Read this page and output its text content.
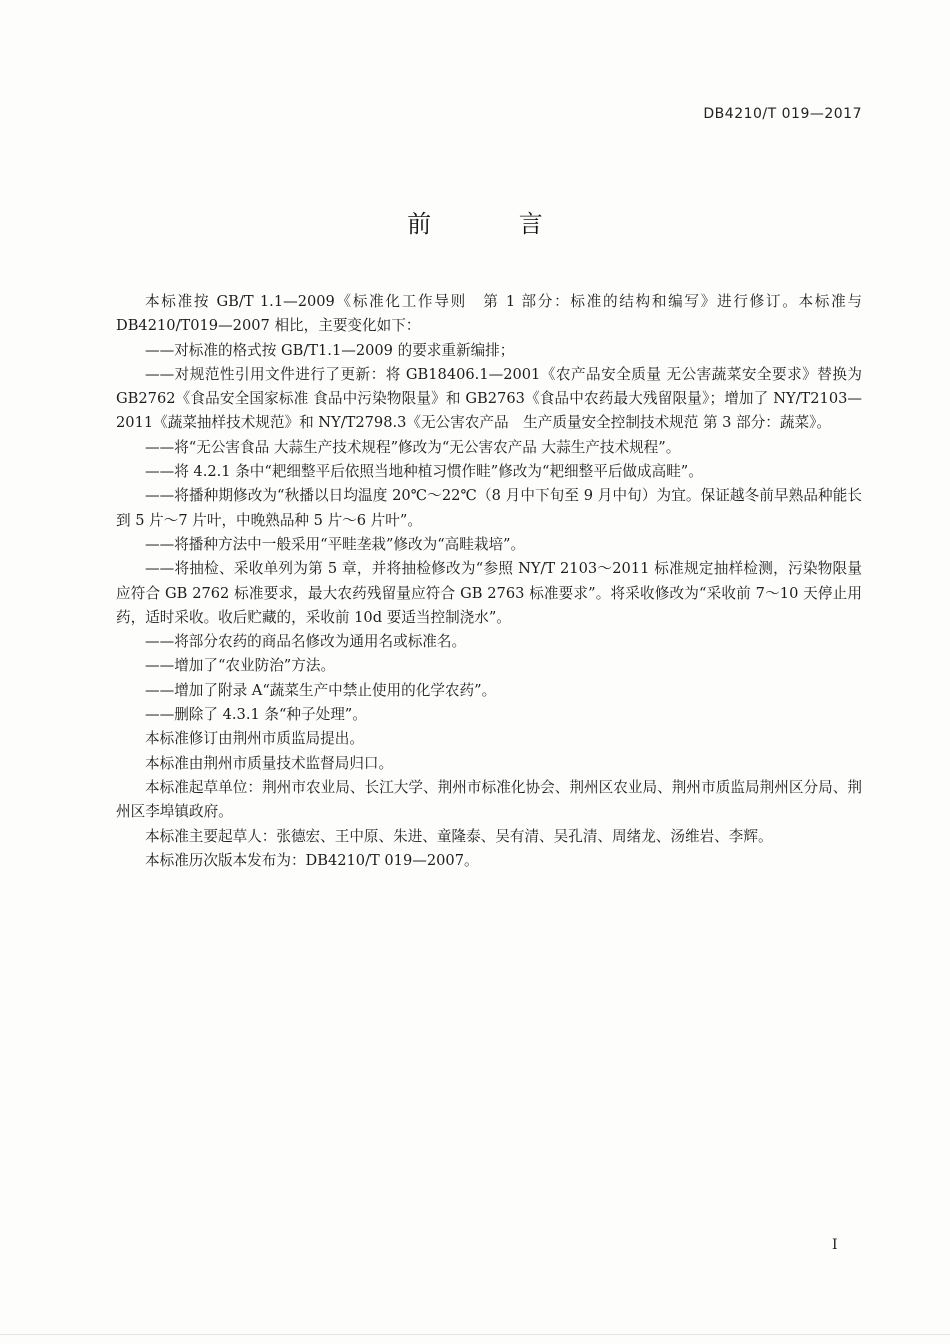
DB4210/T 019—2017
前 言

本标准按 GB/T 1.1—2009《标准化工作导则　第 1 部分：标准的结构和编写》进行修订。本标准与 DB4210/T019—2007 相比，主要变化如下：

——对标准的格式按 GB/T1.1—2009 的要求重新编排；

——对规范性引用文件进行了更新：将 GB18406.1—2001《农产品安全质量 无公害蔬菜安全要求》替换为 GB2762《食品安全国家标准 食品中污染物限量》和 GB2763《食品中农药最大残留限量》；增加了 NY/T2103—2011《蔬菜抽样技术规范》和 NY/T2798.3《无公害农产品　生产质量安全控制技术规范 第 3 部分：蔬菜》。

——将“无公害食品 大蒜生产技术规程”修改为“无公害农产品 大蒜生产技术规程”。

——将 4.2.1 条中“耙细整平后依照当地种植习惯作畦”修改为“耙细整平后做成高畦”。

——将播种期修改为“秋播以日均温度 20℃～22℃（8 月中下旬至 9 月中旬）为宜。保证越冬前早熟品种能长到 5 片～7 片叶，中晚熟品种 5 片～6 片叶”。

——将播种方法中一般采用“平畦垄栽”修改为“高畦栽培”。

——将抽检、采收单列为第 5 章，并将抽检修改为“参照 NY/T 2103～2011 标准规定抽样检测，污染物限量应符合 GB 2762 标准要求，最大农药残留量应符合 GB 2763 标准要求”。将采收修改为“采收前 7～10 天停止用药，适时采收。收后贮藏的，采收前 10d 要适当控制浇水”。

——将部分农药的商品名修改为通用名或标准名。

——增加了“农业防治”方法。

——增加了附录 A“蔬菜生产中禁止使用的化学农药”。

——删除了 4.3.1 条“种子处理”。

本标准修订由荆州市质监局提出。

本标准由荆州市质量技术监督局归口。

本标准起草单位：荆州市农业局、长江大学、荆州市标准化协会、荆州区农业局、荆州市质监局荆州区分局、荆州区李埠镇政府。

本标准主要起草人：张德宏、王中原、朱进、童隆泰、吴有清、吴孔清、周绪龙、汤维岩、李辉。

本标准历次版本发布为：DB4210/T 019—2007。

I
